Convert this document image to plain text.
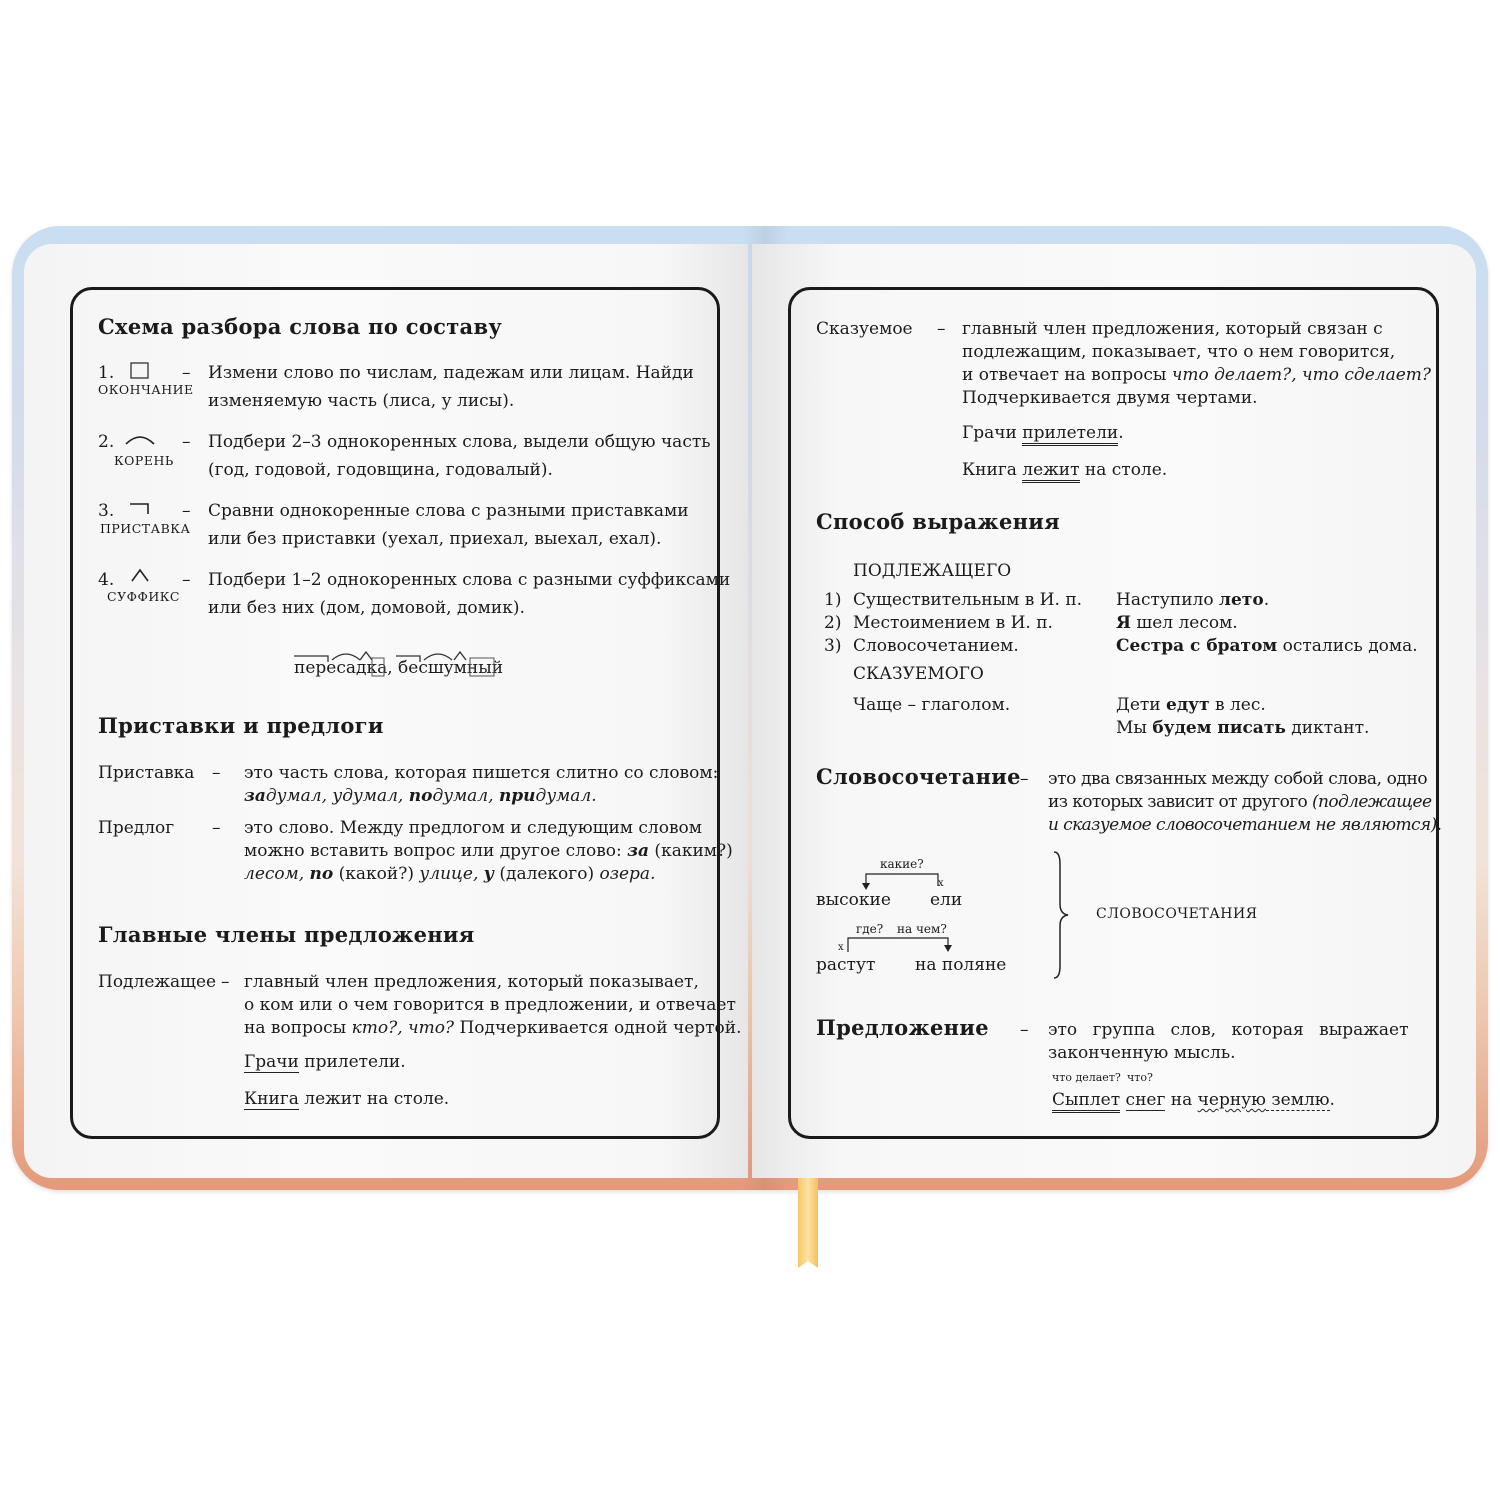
Схема разбора слова по составу
1.
ОКОНЧАНИЕ
– Измени слово по числам, падежам или лицам. Найди
изменяемую часть (лиса, у лисы).
2.
КОРЕНЬ
– Подбери 2–3 однокоренных слова, выдели общую часть
(год, годовой, годовщина, годовалый).
3.
ПРИСТАВКА
– Сравни однокоренные слова с разными приставками
или без приставки (уехал, приехал, выехал, ехал).
4.
СУФФИКС
– Подбери 1–2 однокоренных слова с разными суффиксами
или без них (дом, домовой, домик).
пересадка, бесшумный
Приставки и предлоги
Приставка – это часть слова, которая пишется слитно со словом:
задумал, удумал, подумал, придумал.
Предлог – это слово. Между предлогом и следующим словом
можно вставить вопрос или другое слово: за (каким?)
лесом, по (какой?) улице, у (далекого) озера.
Главные члены предложения
Подлежащее – главный член предложения, который показывает,
о ком или о чем говорится в предложении, и отвечает
на вопросы кто?, что? Подчеркивается одной чертой.
Грачи прилетели.
Книга лежит на столе.
Сказуемое – главный член предложения, который связан с
подлежащим, показывает, что о нем говорится,
и отвечает на вопросы что делает?, что сделает?
Подчеркивается двумя чертами.
Грачи прилетели.
Книга лежит на столе.
Способ выражения
ПОДЛЕЖАЩЕГО
1) Существительным в И. п. Наступило лето.
2) Местоимением в И. п.	Я шел лесом.
3) Словосочетанием.	Сестра с братом остались дома.
СКАЗУЕМОГО
Чаще – глаголом.	Дети едут в лес.
Мы будем писать диктант.
Словосочетание – это два связанных между собой слова, одно
из которых зависит от другого (подлежащее
и сказуемое словосочетанием не являются).
какие?
x
высокие ели
где? на чем?
x
растут на поляне
СЛОВОСОЧЕТАНИЯ
Предложение – это группа слов, которая выражает
законченную мысль.
что делает? что?
Сыплет снег на черную землю.
